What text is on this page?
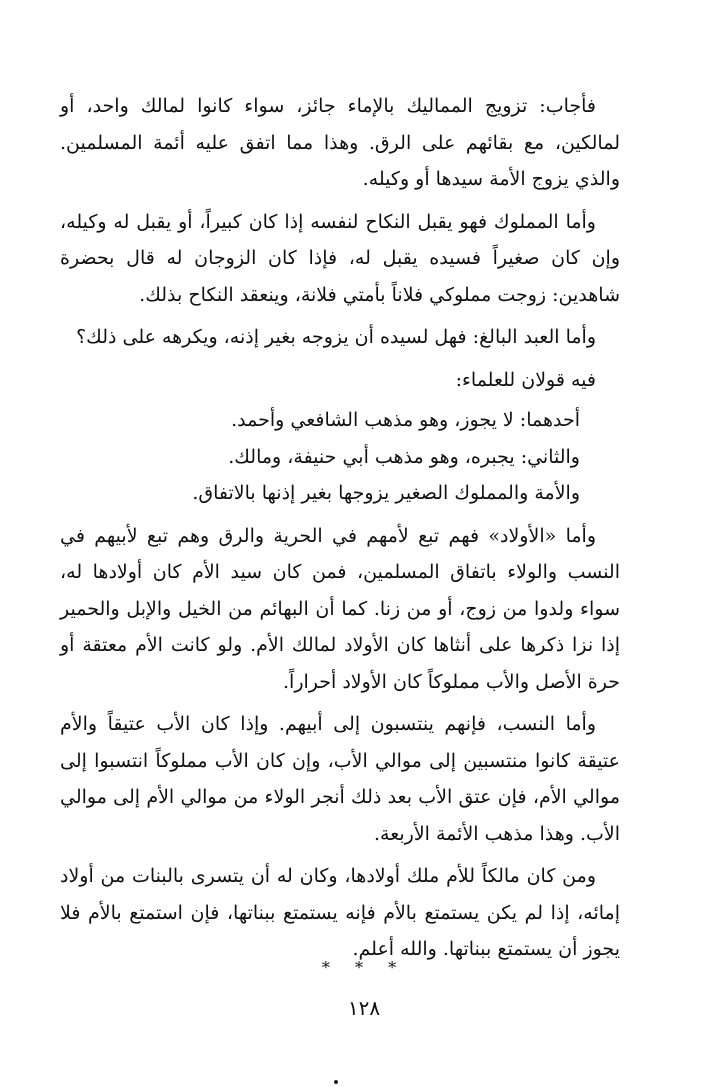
فأجاب: تزويج المماليك بالإماء جائز، سواء كانوا لمالك واحد، أو لمالكين، مع بقائهم على الرق. وهذا مما اتفق عليه أئمة المسلمين. والذي يزوج الأمة سيدها أو وكيله.

وأما المملوك فهو يقبل النكاح لنفسه إذا كان كبيراً، أو يقبل له وكيله، وإن كان صغيراً فسيده يقبل له، فإذا كان الزوجان له قال بحضرة شاهدين: زوجت مملوكي فلاناً بأمتي فلانة، وينعقد النكاح بذلك.

وأما العبد البالغ: فهل لسيده أن يزوجه بغير إذنه، ويكرهه على ذلك؟

فيه قولان للعلماء:

أحدهما: لا يجوز، وهو مذهب الشافعي وأحمد.

والثاني: يجبره، وهو مذهب أبي حنيفة، ومالك.

والأمة والمملوك الصغير يزوجها بغير إذنها بالاتفاق.

وأما «الأولاد» فهم تبع لأمهم في الحرية والرق وهم تبع لأبيهم في النسب والولاء باتفاق المسلمين، فمن كان سيد الأم كان أولادها له، سواء ولدوا من زوج، أو من زنا. كما أن البهائم من الخيل والإبل والحمير إذا نزا ذكرها على أنثاها كان الأولاد لمالك الأم. ولو كانت الأم معتقة أو حرة الأصل والأب مملوكاً كان الأولاد أحراراً.

وأما النسب، فإنهم ينتسبون إلى أبيهم. وإذا كان الأب عتيقاً والأم عتيقة كانوا منتسبين إلى موالي الأب، وإن كان الأب مملوكاً انتسبوا إلى موالي الأم، فإن عتق الأب بعد ذلك أنجر الولاء من موالي الأم إلى موالي الأب. وهذا مذهب الأئمة الأربعة.

ومن كان مالكاً للأم ملك أولادها، وكان له أن يتسرى بالبنات من أولاد إمائه، إذا لم يكن يستمتع بالأم فإنه يستمتع ببناتها، فإن استمتع بالأم فلا يجوز أن يستمتع ببناتها. والله أعلم.

* * *
١٢٨
